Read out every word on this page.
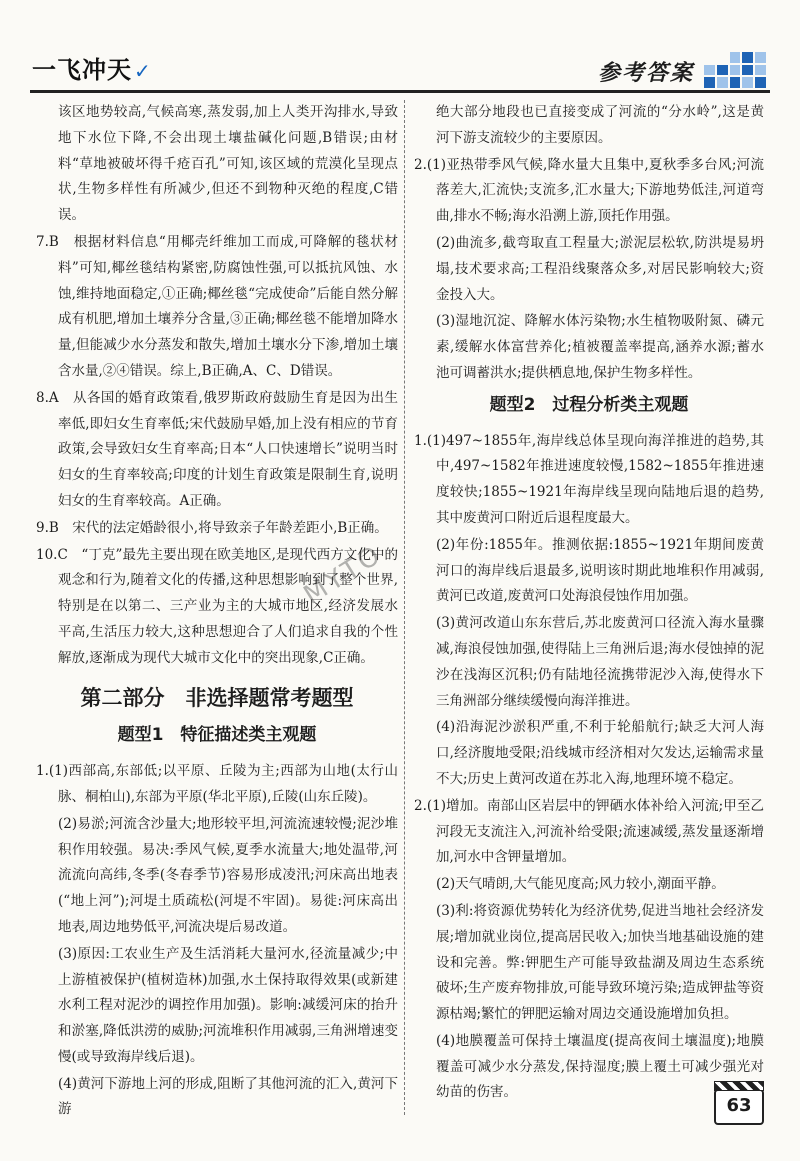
一飞冲天 ✓	参考答案

该区地势较高,气候高寒,蒸发弱,加上人类开沟排水,导致地下水位下降,不会出现土壤盐碱化问题,B错误;由材料“草地被破坏得千疮百孔”可知,该区域的荒漠化呈现点状,生物多样性有所减少,但还不到物种灭绝的程度,C错误。

7.B　根据材料信息“用椰壳纤维加工而成,可降解的毯状材料”可知,椰丝毯结构紧密,防腐蚀性强,可以抵抗风蚀、水蚀,维持地面稳定,①正确;椰丝毯“完成使命”后能自然分解成有机肥,增加土壤养分含量,③正确;椰丝毯不能增加降水量,但能减少水分蒸发和散失,增加土壤水分下渗,增加土壤含水量,②④错误。综上,B正确,A、C、D错误。

8.A　从各国的婚育政策看,俄罗斯政府鼓励生育是因为出生率低,即妇女生育率低;宋代鼓励早婚,加上没有相应的节育政策,会导致妇女生育率高;日本“人口快速增长”说明当时妇女的生育率较高;印度的计划生育政策是限制生育,说明妇女的生育率较高。A正确。

9.B　宋代的法定婚龄很小,将导致亲子年龄差距小,B正确。

10.C　“丁克”最先主要出现在欧美地区,是现代西方文化中的观念和行为,随着文化的传播,这种思想影响到了整个世界,特别是在以第二、三产业为主的大城市地区,经济发展水平高,生活压力较大,这种思想迎合了人们追求自我的个性解放,逐渐成为现代大城市文化中的突出现象,C正确。

第二部分　非选择题常考题型
题型1　特征描述类主观题

1.(1)西部高,东部低;以平原、丘陵为主;西部为山地(太行山脉、桐柏山),东部为平原(华北平原),丘陵(山东丘陵)。

(2)易淤;河流含沙量大;地形较平坦,河流流速较慢;泥沙堆积作用较强。易决:季风气候,夏季水流量大;地处温带,河流流向高纬,冬季(冬春季节)容易形成凌汛;河床高出地表(“地上河”);河堤土质疏松(河堤不牢固)。易徙:河床高出地表,周边地势低平,河流决堤后易改道。

(3)原因:工农业生产及生活消耗大量河水,径流量减少;中上游植被保护(植树造林)加强,水土保持取得效果(或新建水利工程对泥沙的调控作用加强)。影响:减缓河床的抬升和淤塞,降低洪涝的威胁;河流堆积作用减弱,三角洲增速变慢(或导致海岸线后退)。

(4)黄河下游地上河的形成,阻断了其他河流的汇入,黄河下游

绝大部分地段也已直接变成了河流的“分水岭”,这是黄河下游支流较少的主要原因。

2.(1)亚热带季风气候,降水量大且集中,夏秋季多台风;河流落差大,汇流快;支流多,汇水量大;下游地势低洼,河道弯曲,排水不畅;海水沿溯上游,顶托作用强。

(2)曲流多,截弯取直工程量大;淤泥层松软,防洪堤易坍塌,技术要求高;工程沿线聚落众多,对居民影响较大;资金投入大。

(3)湿地沉淀、降解水体污染物;水生植物吸附氮、磷元素,缓解水体富营养化;植被覆盖率提高,涵养水源;蓄水池可调蓄洪水;提供栖息地,保护生物多样性。

题型2　过程分析类主观题

1.(1)497~1855年,海岸线总体呈现向海洋推进的趋势,其中,497~1582年推进速度较慢,1582~1855年推进速度较快;1855~1921年海岸线呈现向陆地后退的趋势,其中废黄河口附近后退程度最大。

(2)年份:1855年。推测依据:1855~1921年期间废黄河口的海岸线后退最多,说明该时期此地堆积作用减弱,黄河已改道,废黄河口处海浪侵蚀作用加强。

(3)黄河改道山东东营后,苏北废黄河口径流入海水量骤减,海浪侵蚀加强,使得陆上三角洲后退;海水侵蚀掉的泥沙在浅海区沉积;仍有陆地径流携带泥沙入海,使得水下三角洲部分继续缓慢向海洋推进。

(4)沿海泥沙淤积严重,不利于轮船航行;缺乏大河人海口,经济腹地受限;沿线城市经济相对欠发达,运输需求量不大;历史上黄河改道在苏北入海,地理环境不稳定。

2.(1)增加。南部山区岩层中的钾硒水体补给入河流;甲至乙河段无支流注入,河流补给受限;流速减缓,蒸发量逐渐增加,河水中含钾量增加。

(2)天气晴朗,大气能见度高;风力较小,潮面平静。

(3)利:将资源优势转化为经济优势,促进当地社会经济发展;增加就业岗位,提高居民收入;加快当地基础设施的建设和完善。弊:钾肥生产可能导致盐湖及周边生态系统破坏;生产废弃物排放,可能导致环境污染;造成钾盐等资源枯竭;繁忙的钾肥运输对周边交通设施增加负担。

(4)地膜覆盖可保持土壤温度(提高夜间土壤温度);地膜覆盖可减少水分蒸发,保持湿度;膜上覆土可减少强光对幼苗的伤害。

MYTO
63
